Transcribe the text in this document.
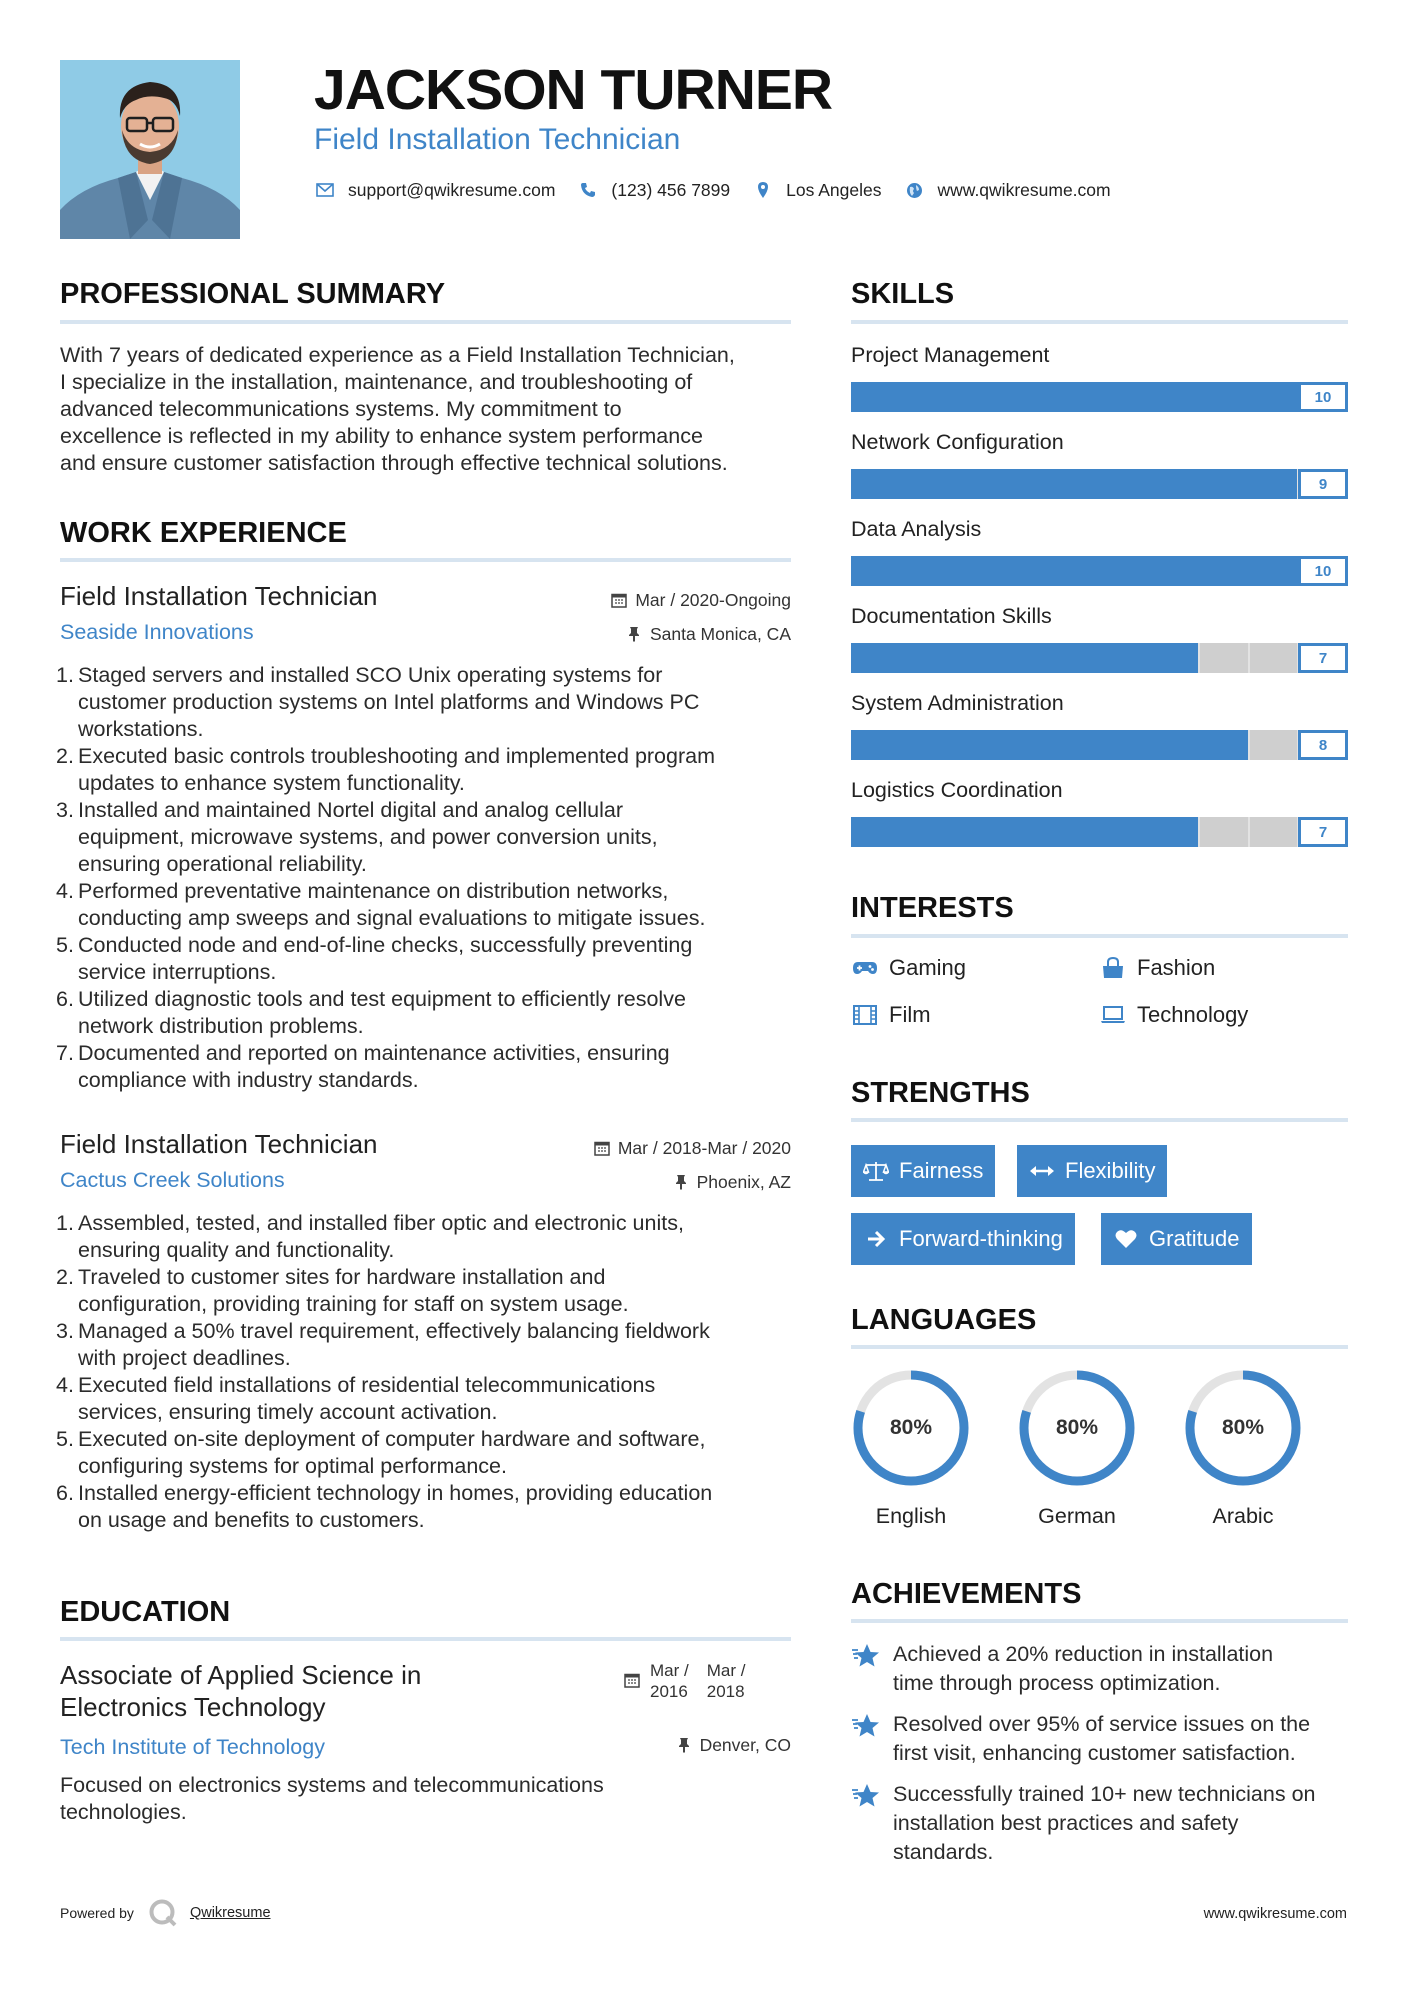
JACKSON TURNER
Field Installation Technician
support@qwikresume.com	(123) 456 7899	Los Angeles	www.qwikresume.com
PROFESSIONAL SUMMARY
With 7 years of dedicated experience as a Field Installation Technician,
I specialize in the installation, maintenance, and troubleshooting of
advanced telecommunications systems. My commitment to
excellence is reflected in my ability to enhance system performance
and ensure customer satisfaction through effective technical solutions.
WORK EXPERIENCE
Field Installation Technician
Seaside Innovations
Mar / 2020-Ongoing
Santa Monica, CA
1. Staged servers and installed SCO Unix operating systems for
customer production systems on Intel platforms and Windows PC
workstations.
2. Executed basic controls troubleshooting and implemented program
updates to enhance system functionality.
3. Installed and maintained Nortel digital and analog cellular
equipment, microwave systems, and power conversion units,
ensuring operational reliability.
4. Performed preventative maintenance on distribution networks,
conducting amp sweeps and signal evaluations to mitigate issues.
5. Conducted node and end-of-line checks, successfully preventing
service interruptions.
6. Utilized diagnostic tools and test equipment to efficiently resolve
network distribution problems.
7. Documented and reported on maintenance activities, ensuring
compliance with industry standards.
Field Installation Technician
Cactus Creek Solutions
Mar / 2018-Mar / 2020
Phoenix, AZ
1. Assembled, tested, and installed fiber optic and electronic units,
ensuring quality and functionality.
2. Traveled to customer sites for hardware installation and
configuration, providing training for staff on system usage.
3. Managed a 50% travel requirement, effectively balancing fieldwork
with project deadlines.
4. Executed field installations of residential telecommunications
services, ensuring timely account activation.
5. Executed on-site deployment of computer hardware and software,
configuring systems for optimal performance.
6. Installed energy-efficient technology in homes, providing education
on usage and benefits to customers.
EDUCATION
Associate of Applied Science in
Electronics Technology
Tech Institute of Technology
Mar /
2016
Mar /
2018
Denver, CO
Focused on electronics systems and telecommunications
technologies.
SKILLS
Project Management
10
Network Configuration
9
Data Analysis
10
Documentation Skills
7
System Administration
8
Logistics Coordination
7
INTERESTS
Gaming	Fashion
Film	Technology
STRENGTHS
Fairness	Flexibility
Forward-thinking	Gratitude
LANGUAGES
80%
English
80%
German
80%
Arabic
ACHIEVEMENTS
Achieved a 20% reduction in installation
time through process optimization.
Resolved over 95% of service issues on the
first visit, enhancing customer satisfaction.
Successfully trained 10+ new technicians on
installation best practices and safety
standards.
Powered by	Qwikresume	www.qwikresume.com
